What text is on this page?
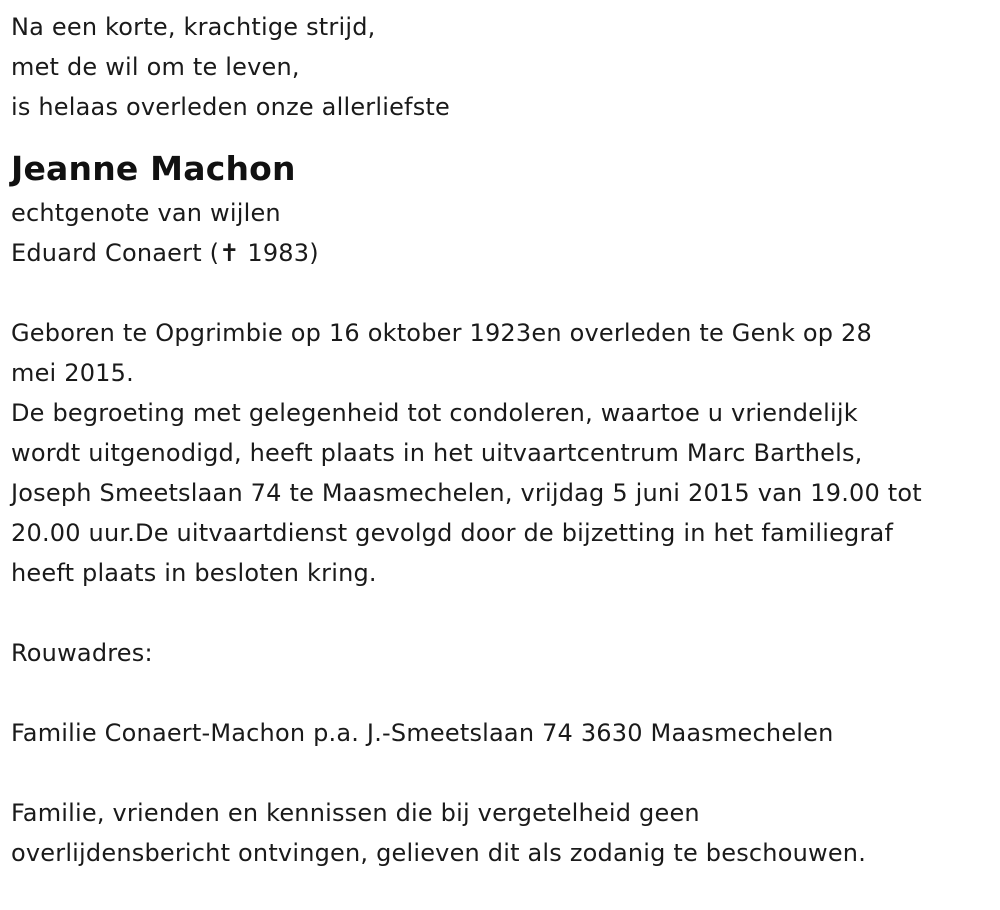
Na een korte, krachtige strijd,
met de wil om te leven,
is helaas overleden onze allerliefste
Jeanne Machon
echtgenote van wijlen
Eduard Conaert (✝ 1983)
Geboren te Opgrimbie op 16 oktober 1923en overleden te Genk op 28
mei 2015.
De begroeting met gelegenheid tot condoleren, waartoe u vriendelijk
wordt uitgenodigd, heeft plaats in het uitvaartcentrum Marc Barthels,
Joseph Smeetslaan 74 te Maasmechelen, vrijdag 5 juni 2015 van 19.00 tot
20.00 uur.De uitvaartdienst gevolgd door de bijzetting in het familiegraf
heeft plaats in besloten kring.
Rouwadres:
Familie Conaert-Machon p.a. J.-Smeetslaan 74 3630 Maasmechelen
Familie, vrienden en kennissen die bij vergetelheid geen
overlijdensbericht ontvingen, gelieven dit als zodanig te beschouwen.
